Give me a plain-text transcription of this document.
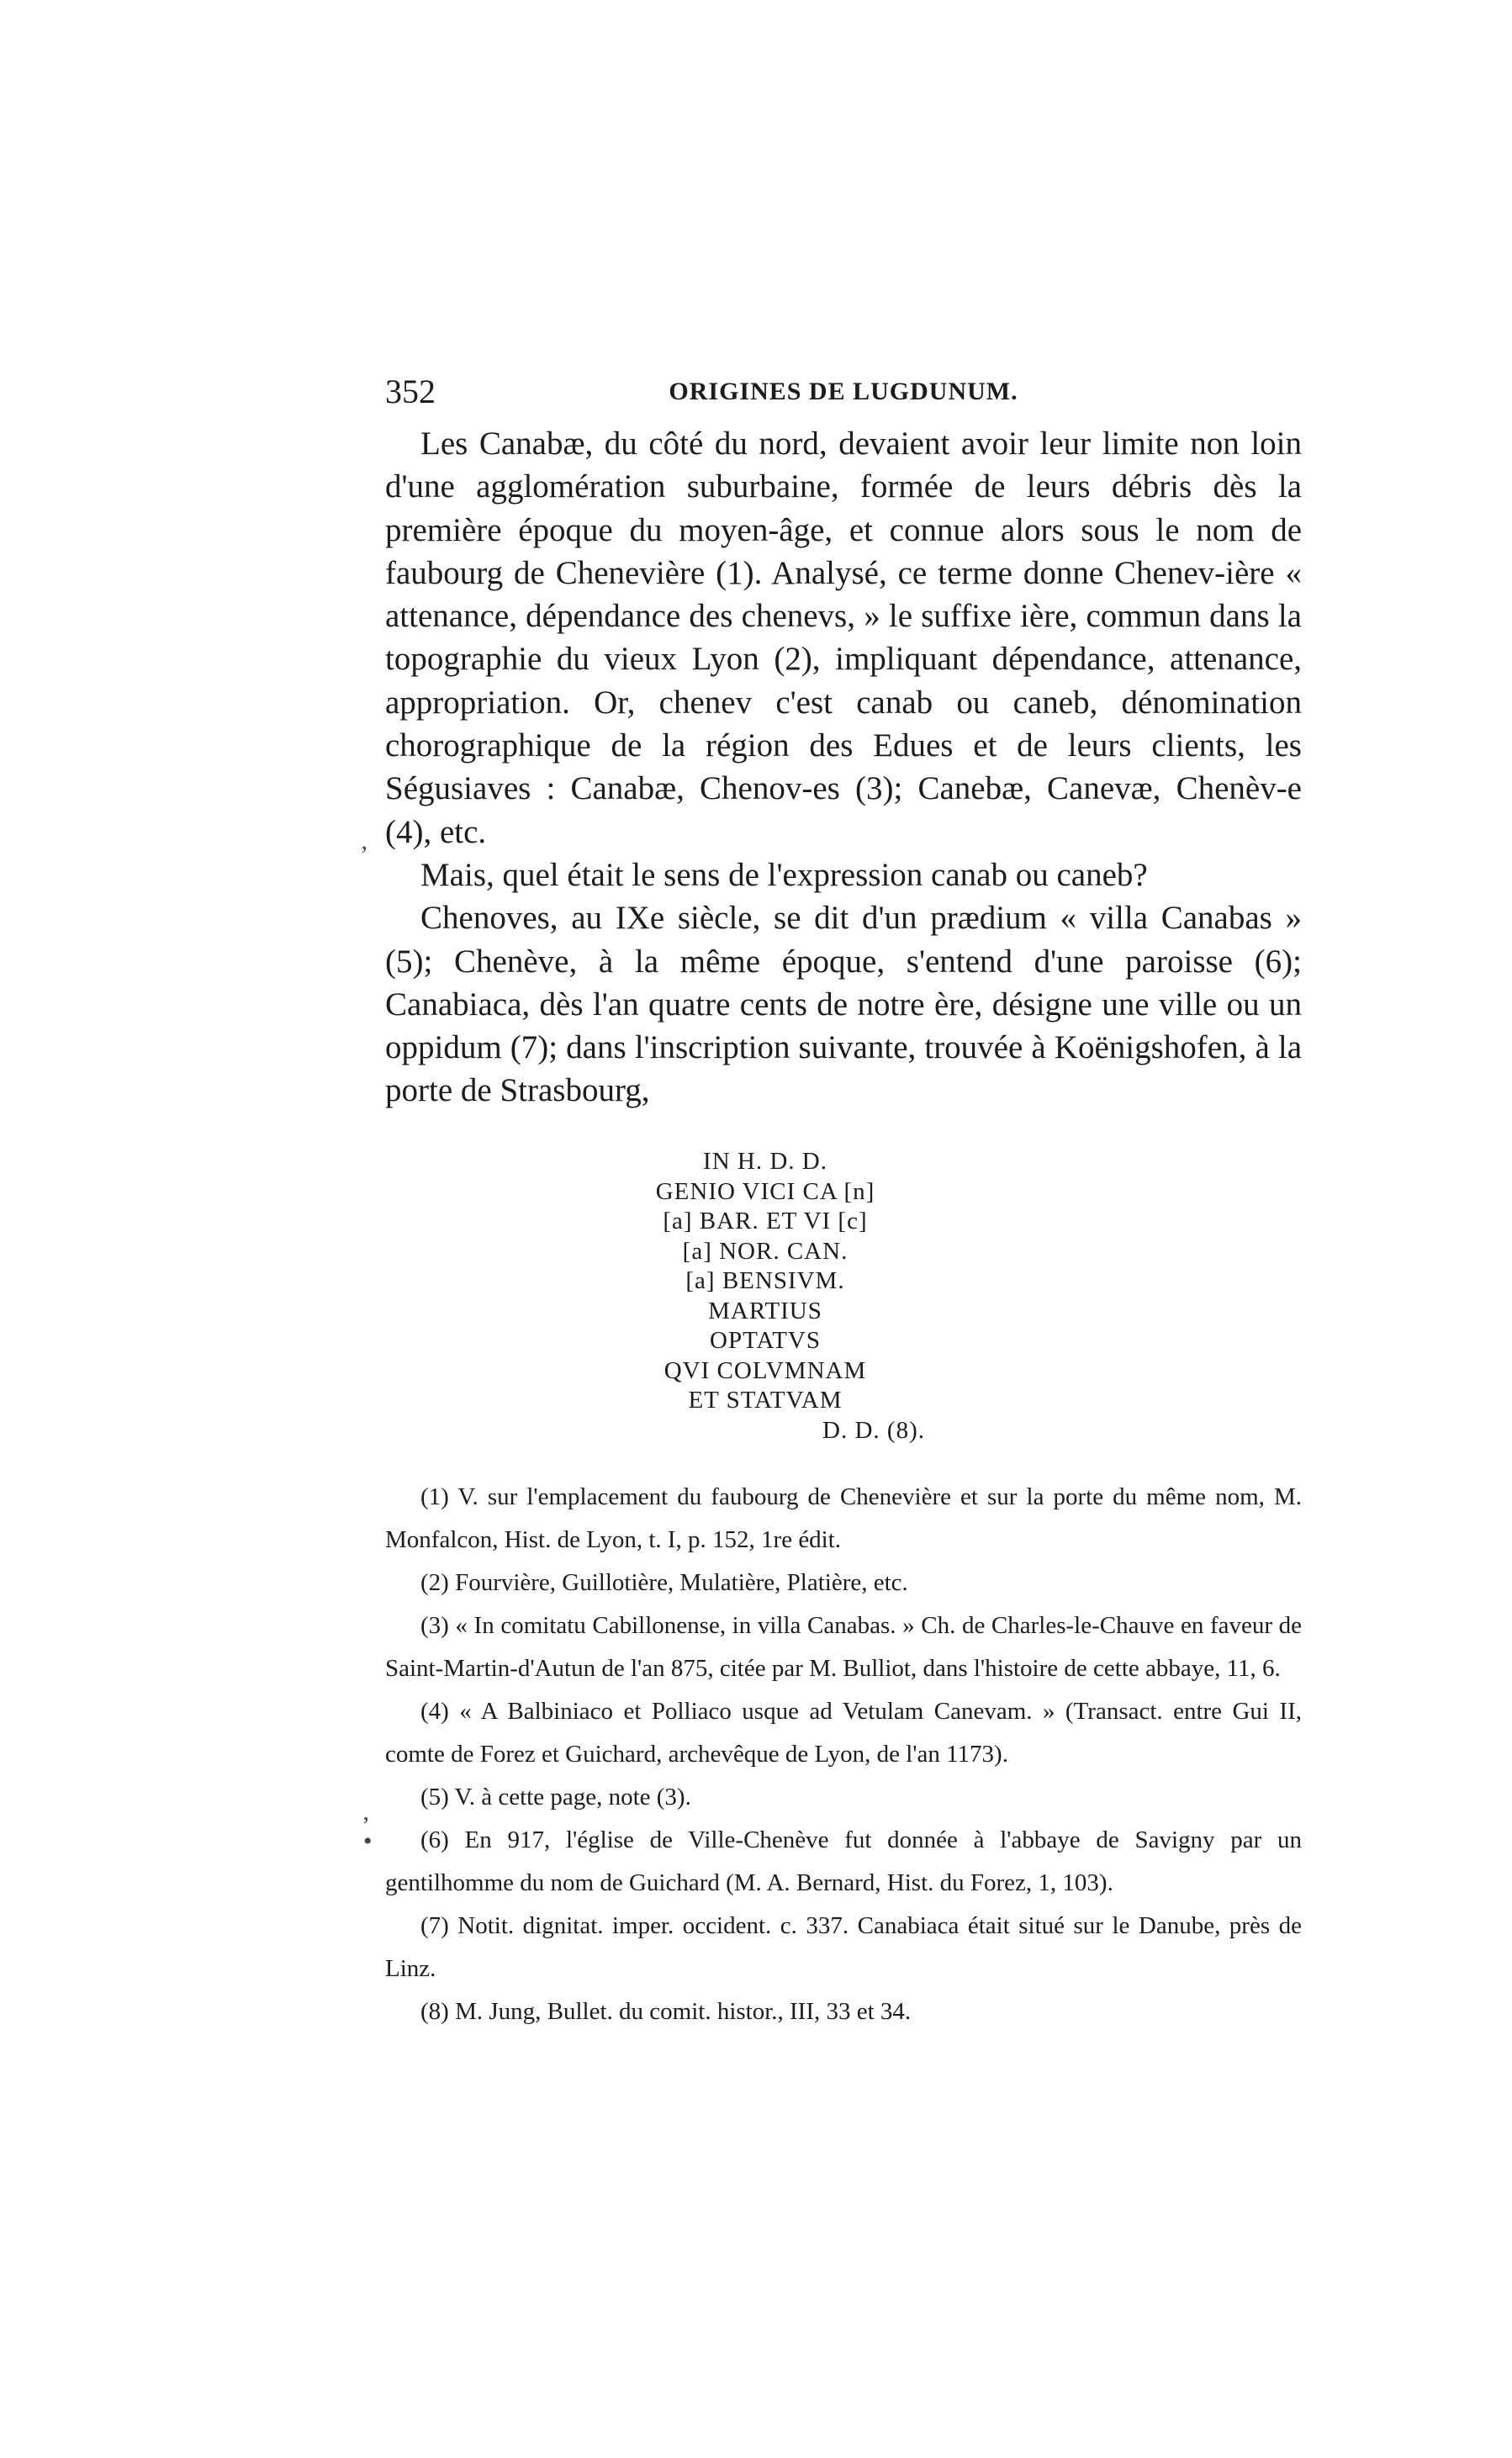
352	ORIGINES DE LUGDUNUM.

Les Canabæ, du côté du nord, devaient avoir leur limite non loin d'une agglomération suburbaine, formée de leurs débris dès la première époque du moyen-âge, et connue alors sous le nom de faubourg de Chenevière (1). Analysé, ce terme donne Chenev-ière « attenance, dépendance des chenevs, » le suffixe ière, commun dans la topographie du vieux Lyon (2), impliquant dépendance, attenance, appropriation. Or, chenev c'est canab ou caneb, dénomination chorographique de la région des Edues et de leurs clients, les Ségusiaves : Canabæ, Chenov-es (3); Canebæ, Canevæ, Chenèv-e (4), etc.

Mais, quel était le sens de l'expression canab ou caneb?

Chenoves, au IXe siècle, se dit d'un prædium « villa Canabas » (5); Chenève, à la même époque, s'entend d'une paroisse (6); Canabiaca, dès l'an quatre cents de notre ère, désigne une ville ou un oppidum (7); dans l'inscription suivante, trouvée à Koënigshofen, à la porte de Strasbourg,

IN H. D. D.
GENIO VICI CA [n]
[a] BAR. ET VI [c]
[a] NOR. CAN.
[a] BENSIVM.
MARTIUS
OPTATVS
QVI COLVMNAM
ET STATVAM
D. D. (8).

(1) V. sur l'emplacement du faubourg de Chenevière et sur la porte du même nom, M. Monfalcon, Hist. de Lyon, t. I, p. 152, 1re édit.

(2) Fourvière, Guillotière, Mulatière, Platière, etc.

(3) « In comitatu Cabillonense, in villa Canabas. » Ch. de Charles-le-Chauve en faveur de Saint-Martin-d'Autun de l'an 875, citée par M. Bulliot, dans l'histoire de cette abbaye, 11, 6.

(4) « A Balbiniaco et Polliaco usque ad Vetulam Canevam. » (Transact. entre Gui II, comte de Forez et Guichard, archevêque de Lyon, de l'an 1173).

(5) V. à cette page, note (3).

(6) En 917, l'église de Ville-Chenève fut donnée à l'abbaye de Savigny par un gentilhomme du nom de Guichard (M. A. Bernard, Hist. du Forez, 1, 103).

(7) Notit. dignitat. imper. occident. c. 337. Canabiaca était situé sur le Danube, près de Linz.

(8) M. Jung, Bullet. du comit. histor., III, 33 et 34.

’
‚
•
